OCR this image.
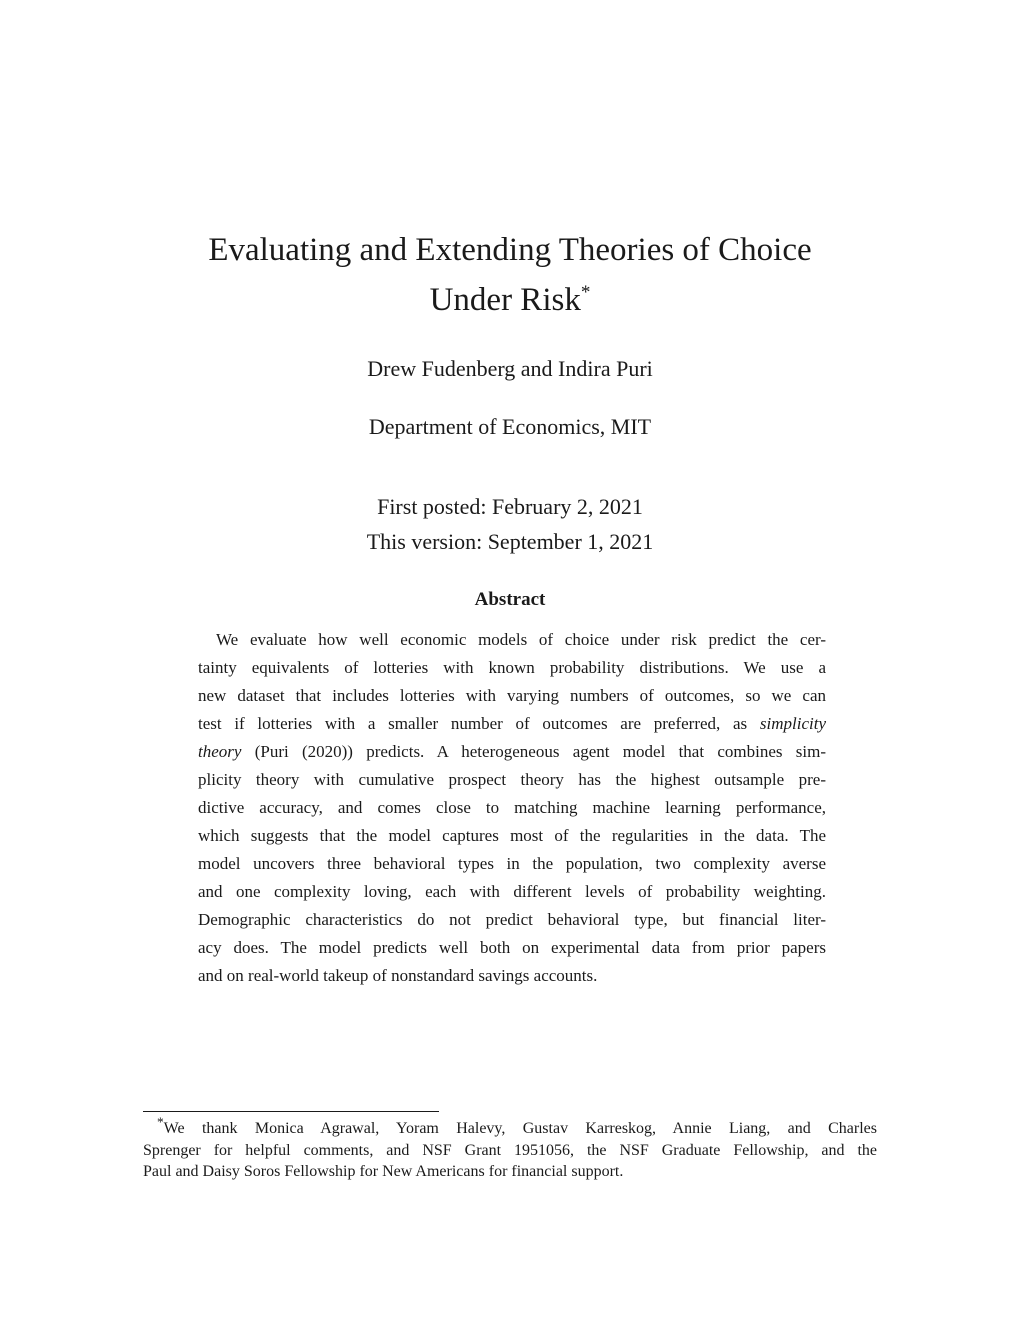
Evaluating and Extending Theories of Choice
Under Risk*
Drew Fudenberg and Indira Puri
Department of Economics, MIT
First posted: February 2, 2021
This version: September 1, 2021
Abstract
We evaluate how well economic models of choice under risk predict the cer-
tainty equivalents of lotteries with known probability distributions. We use a
new dataset that includes lotteries with varying numbers of outcomes, so we can
test if lotteries with a smaller number of outcomes are preferred, as simplicity
theory (Puri (2020)) predicts. A heterogeneous agent model that combines sim-
plicity theory with cumulative prospect theory has the highest outsample pre-
dictive accuracy, and comes close to matching machine learning performance,
which suggests that the model captures most of the regularities in the data. The
model uncovers three behavioral types in the population, two complexity averse
and one complexity loving, each with different levels of probability weighting.
Demographic characteristics do not predict behavioral type, but financial liter-
acy does. The model predicts well both on experimental data from prior papers
and on real-world takeup of nonstandard savings accounts.
*We thank Monica Agrawal, Yoram Halevy, Gustav Karreskog, Annie Liang, and Charles
Sprenger for helpful comments, and NSF Grant 1951056, the NSF Graduate Fellowship, and the
Paul and Daisy Soros Fellowship for New Americans for financial support.
